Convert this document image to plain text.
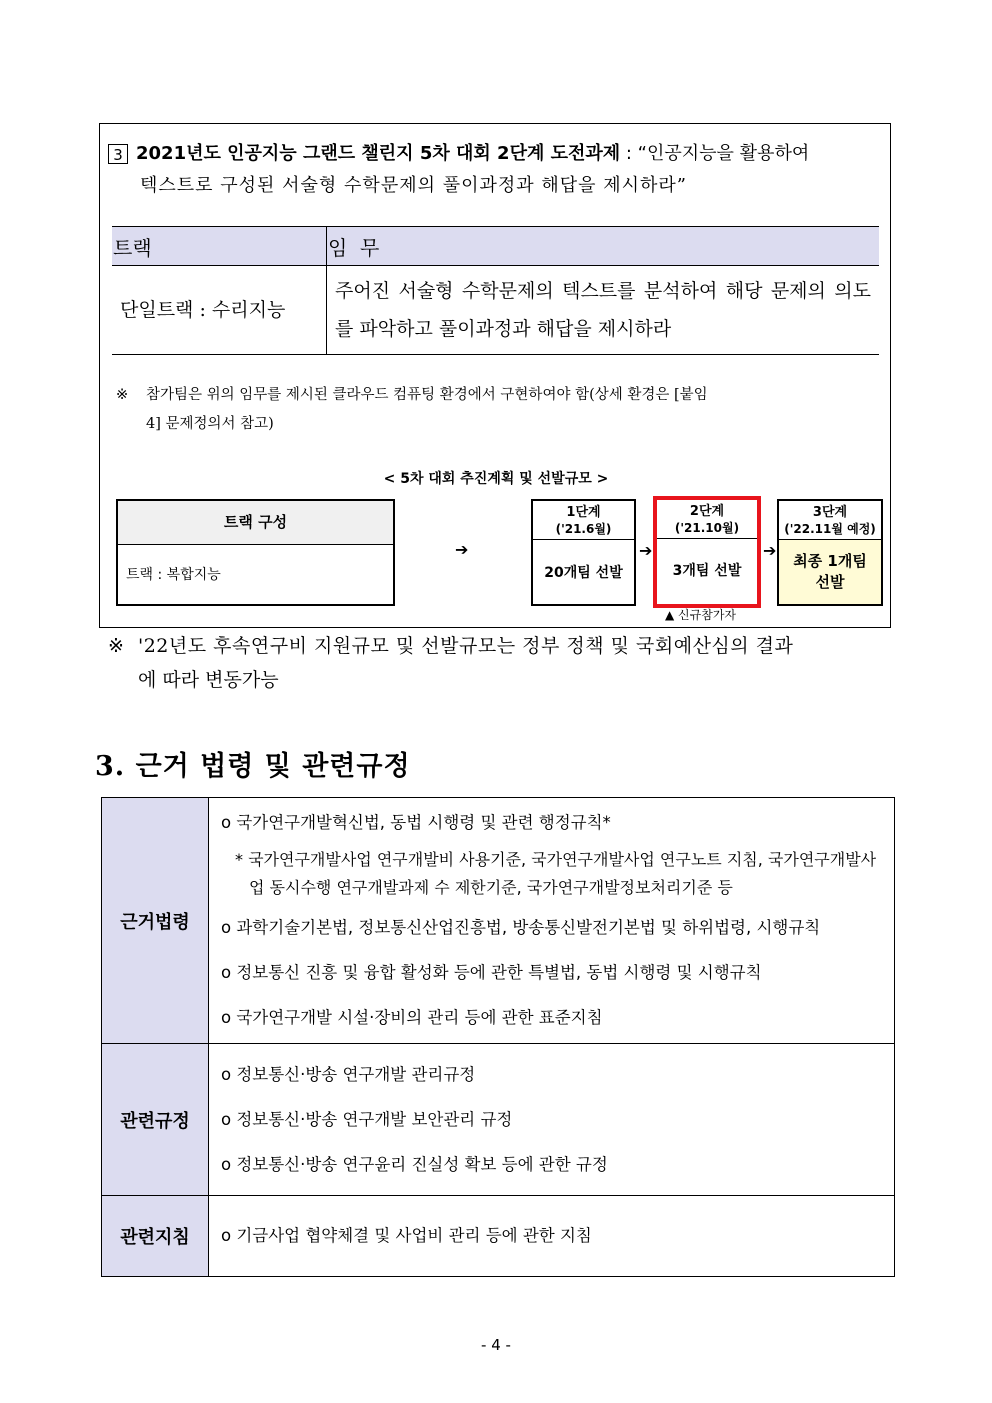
3 2021년도 인공지능 그랜드 챌린지 5차 대회 2단계 도전과제 : “인공지능을 활용하여
텍스트로 구성된 서술형 수학문제의 풀이과정과 해답을 제시하라”
트랙	임  무
단일트랙 : 수리지능	주어진 서술형 수학문제의 텍스트를 분석하여 해당 문제의 의도를 파악하고 풀이과정과 해답을 제시하라
※ 참가팀은 위의 임무를 제시된 클라우드 컴퓨팅 환경에서 구현하여야 함(상세 환경은 [붙임
4] 문제정의서 참고)
< 5차 대회 추진계획 및 선발규모 >
트랙 구성
트랙 : 복합지능
➔
1단계
('21.6월)
20개팀 선발
➔
2단계
('21.10월)
3개팀 선발
▲ 신규참가자
➔
3단계
('22.11월 예정)
최종 1개팀 선발
※ '22년도 후속연구비 지원규모 및 선발규모는 정부 정책 및 국회예산심의 결과
에 따라 변동가능
3. 근거 법령 및 관련규정
근거법령	o 국가연구개발혁신법, 동법 시행령 및 관련 행정규칙*
* 국가연구개발사업 연구개발비 사용기준, 국가연구개발사업 연구노트 지침, 국가연구개발사업 동시수행 연구개발과제 수 제한기준, 국가연구개발정보처리기준 등
o 과학기술기본법, 정보통신산업진흥법, 방송통신발전기본법 및 하위법령, 시행규칙
o 정보통신 진흥 및 융합 활성화 등에 관한 특별법, 동법 시행령 및 시행규칙
o 국가연구개발 시설·장비의 관리 등에 관한 표준지침

관련규정	o 정보통신·방송 연구개발 관리규정
o 정보통신·방송 연구개발 보안관리 규정
o 정보통신·방송 연구윤리 진실성 확보 등에 관한 규정

관련지침	o 기금사업 협약체결 및 사업비 관리 등에 관한 지침
- 4 -
